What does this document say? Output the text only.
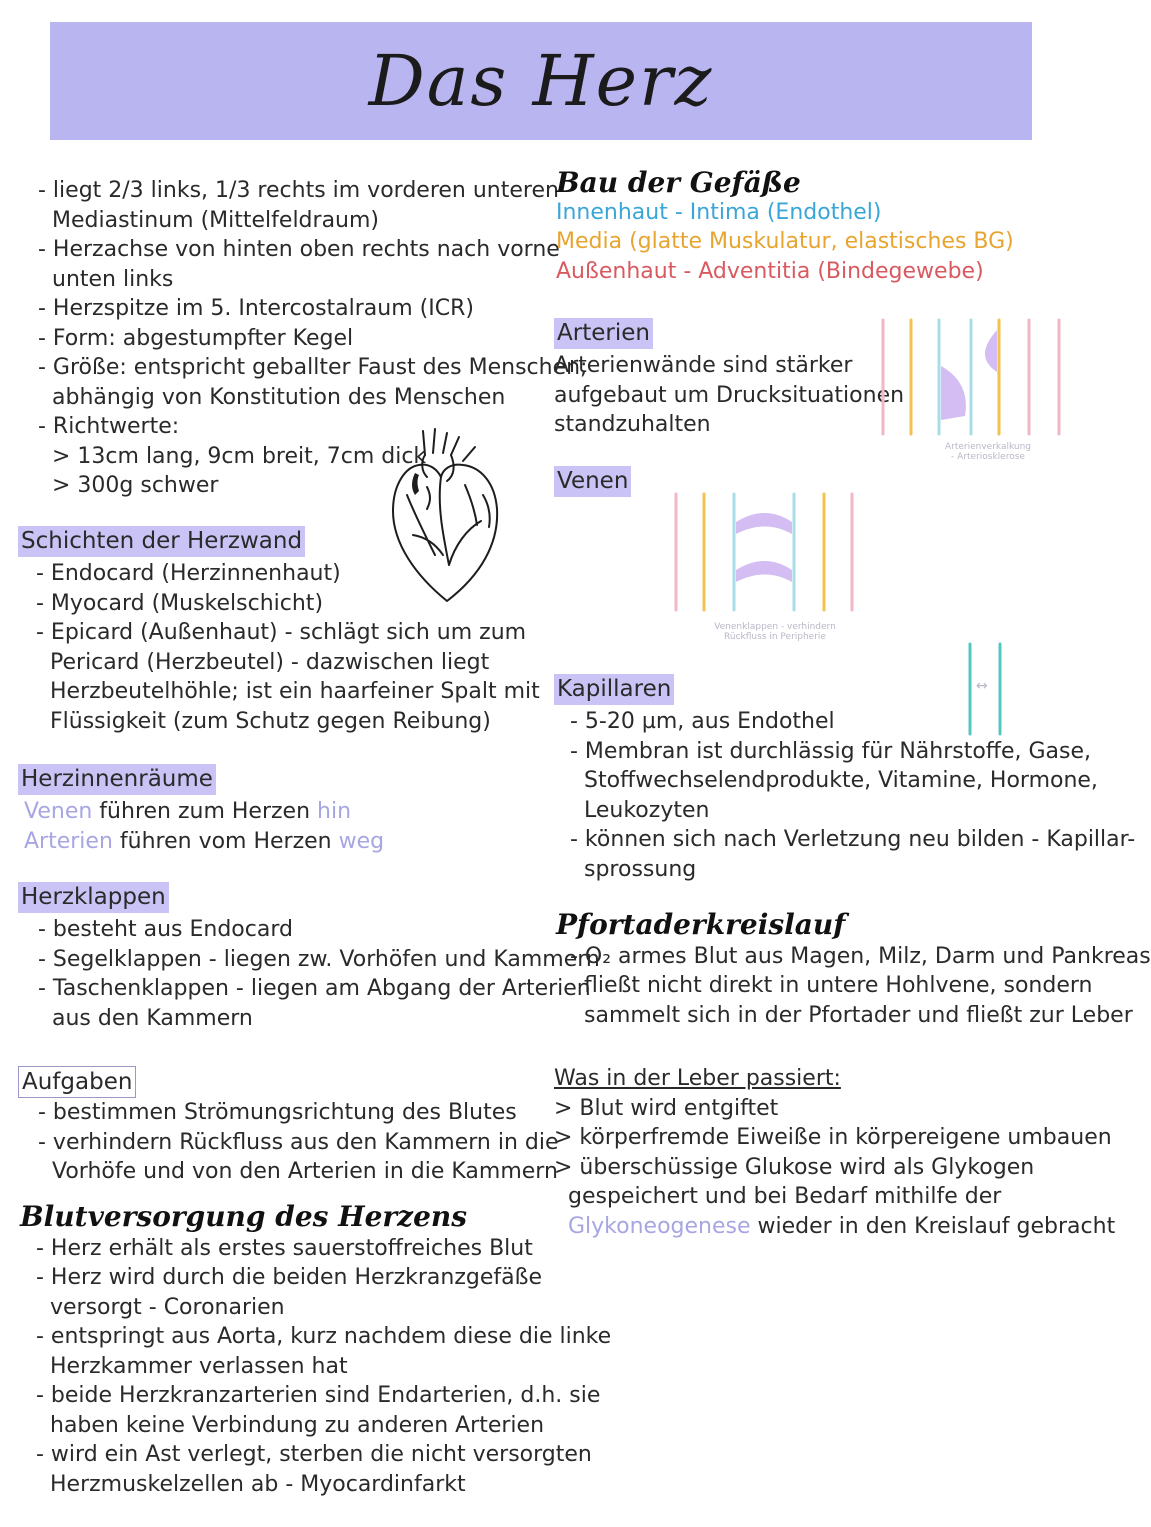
Das Herz
- liegt 2/3 links, 1/3 rechts im vorderen unteren
Mediastinum (Mittelfeldraum)
- Herzachse von hinten oben rechts nach vorne
unten links
- Herzspitze im 5. Intercostalraum (ICR)
- Form: abgestumpfter Kegel
- Größe: entspricht geballter Faust des Menschen;
abhängig von Konstitution des Menschen
- Richtwerte:
> 13cm lang, 9cm breit, 7cm dick
> 300g schwer
Schichten der Herzwand
- Endocard (Herzinnenhaut)
- Myocard (Muskelschicht)
- Epicard (Außenhaut) - schlägt sich um zum
Pericard (Herzbeutel) - dazwischen liegt
Herzbeutelhöhle; ist ein haarfeiner Spalt mit
Flüssigkeit (zum Schutz gegen Reibung)
Herzinnenräume
Venen führen zum Herzen hin
Arterien führen vom Herzen weg
Herzklappen
- besteht aus Endocard
- Segelklappen - liegen zw. Vorhöfen und Kammern
- Taschenklappen - liegen am Abgang der Arterien
aus den Kammern
Aufgaben
- bestimmen Strömungsrichtung des Blutes
- verhindern Rückfluss aus den Kammern in die
Vorhöfe und von den Arterien in die Kammern
Blutversorgung des Herzens
- Herz erhält als erstes sauerstoffreiches Blut
- Herz wird durch die beiden Herzkranzgefäße
versorgt - Coronarien
- entspringt aus Aorta, kurz nachdem diese die linke
Herzkammer verlassen hat
- beide Herzkranzarterien sind Endarterien, d.h. sie
haben keine Verbindung zu anderen Arterien
- wird ein Ast verlegt, sterben die nicht versorgten
Herzmuskelzellen ab - Myocardinfarkt
Bau der Gefäße
Innenhaut - Intima (Endothel)
Media (glatte Muskulatur, elastisches BG)
Außenhaut - Adventitia (Bindegewebe)
Arterien
Arterienwände sind stärker
aufgebaut um Drucksituationen
standzuhalten
Arterienverkalkung
- Arteriosklerose
Venen
Venenklappen - verhindern
Rückfluss in Peripherie
↔
Kapillaren
- 5-20 µm, aus Endothel
- Membran ist durchlässig für Nährstoffe, Gase,
Stoffwechselendprodukte, Vitamine, Hormone,
Leukozyten
- können sich nach Verletzung neu bilden - Kapillar-
sprossung
Pfortaderkreislauf
- O₂ armes Blut aus Magen, Milz, Darm und Pankreas
fließt nicht direkt in untere Hohlvene, sondern
sammelt sich in der Pfortader und fließt zur Leber
Was in der Leber passiert:
> Blut wird entgiftet
> körperfremde Eiweiße in körpereigene umbauen
> überschüssige Glukose wird als Glykogen
gespeichert und bei Bedarf mithilfe der
Glykoneogenese wieder in den Kreislauf gebracht
